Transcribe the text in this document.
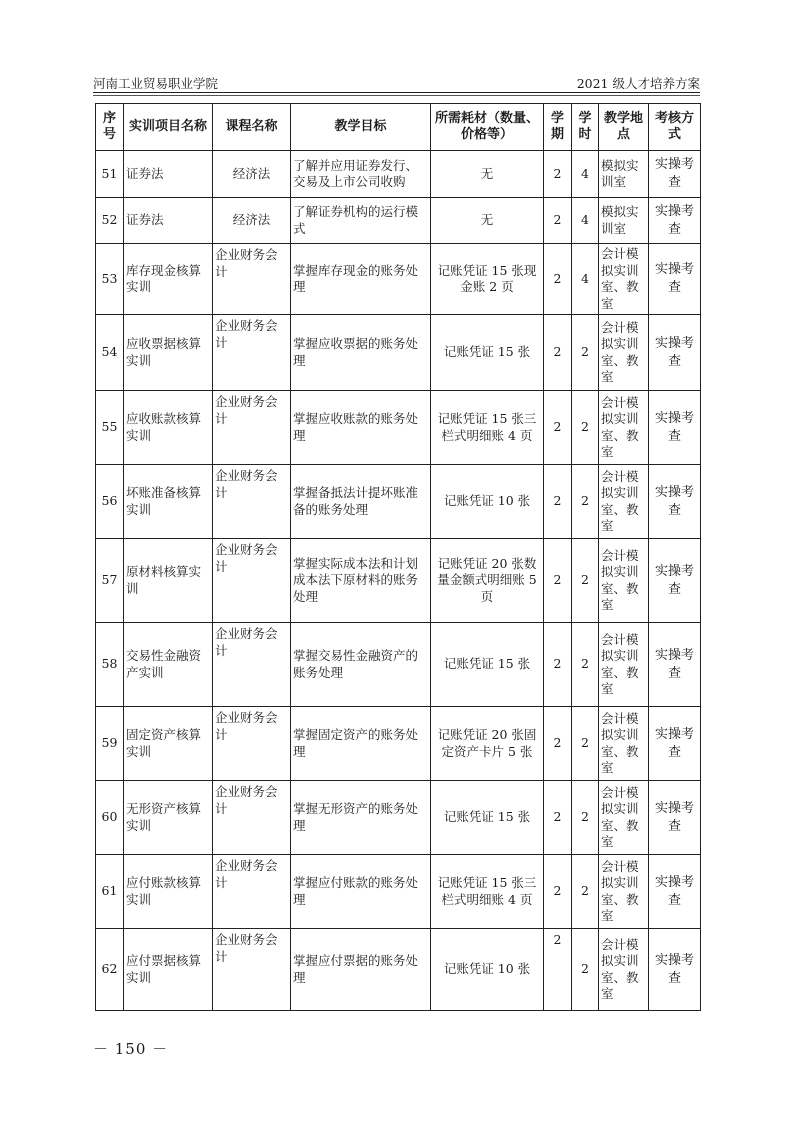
河南工业贸易职业学院	2021 级人才培养方案
序号	实训项目名称	课程名称	教学目标	所需耗材（数量、价格等）	学期	学时	教学地点	考核方式
51	证券法	经济法	了解并应用证券发行、交易及上市公司收购	无	2	4	模拟实训室	实操考查
52	证券法	经济法	了解证券机构的运行模式	无	2	4	模拟实训室	实操考查
53	库存现金核算实训	企业财务会计	掌握库存现金的账务处理	记账凭证 15 张现金账 2 页	2	4	会计模拟实训室、教室	实操考查
54	应收票据核算实训	企业财务会计	掌握应收票据的账务处理	记账凭证 15 张	2	2	会计模拟实训室、教室	实操考查
55	应收账款核算实训	企业财务会计	掌握应收账款的账务处理	记账凭证 15 张三栏式明细账 4 页	2	2	会计模拟实训室、教室	实操考查
56	坏账准备核算实训	企业财务会计	掌握备抵法计提坏账准备的账务处理	记账凭证 10 张	2	2	会计模拟实训室、教室	实操考查
57	原材料核算实训	企业财务会计	掌握实际成本法和计划成本法下原材料的账务处理	记账凭证 20 张数量金额式明细账 5 页	2	2	会计模拟实训室、教室	实操考查
58	交易性金融资产实训	企业财务会计	掌握交易性金融资产的账务处理	记账凭证 15 张	2	2	会计模拟实训室、教室	实操考查
59	固定资产核算实训	企业财务会计	掌握固定资产的账务处理	记账凭证 20 张固定资产卡片 5 张	2	2	会计模拟实训室、教室	实操考查
60	无形资产核算实训	企业财务会计	掌握无形资产的账务处理	记账凭证 15 张	2	2	会计模拟实训室、教室	实操考查
61	应付账款核算实训	企业财务会计	掌握应付账款的账务处理	记账凭证 15 张三栏式明细账 4 页	2	2	会计模拟实训室、教室	实操考查
62	应付票据核算实训	企业财务会计	掌握应付票据的账务处理	记账凭证 10 张	2	2	会计模拟实训室、教室	实操考查
－ 150 －
